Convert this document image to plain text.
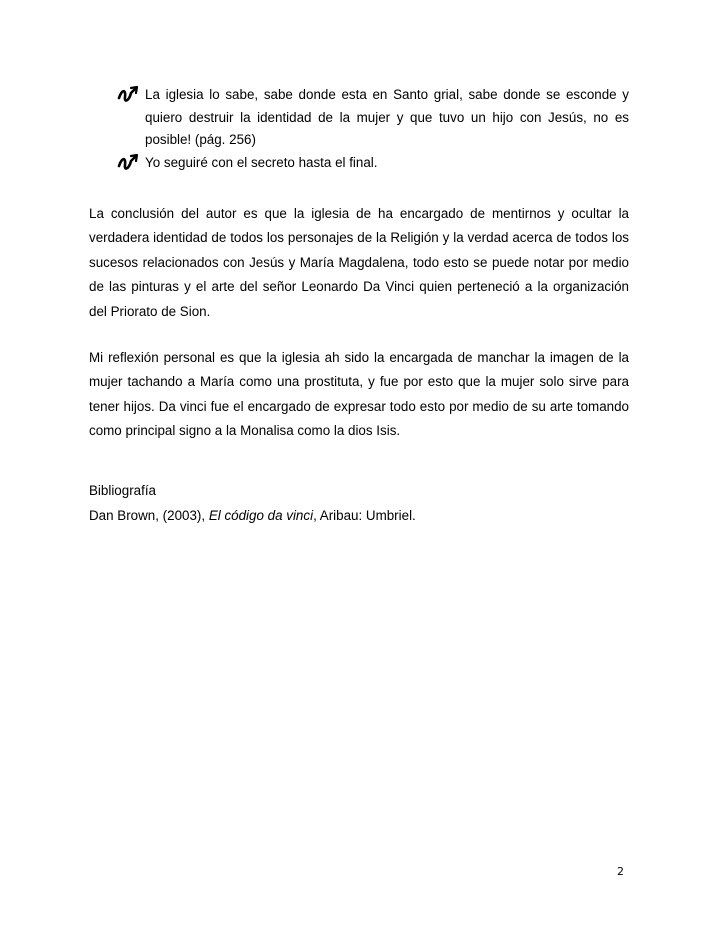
La iglesia lo sabe, sabe donde esta en Santo grial, sabe donde se esconde y quiero destruir la identidad de la mujer y que tuvo un hijo con Jesús, no es posible! (pág. 256)
Yo seguiré con el secreto hasta el final.

La conclusión del autor es que la iglesia de ha encargado de mentirnos y ocultar la verdadera identidad de todos los personajes de la Religión y la verdad acerca de todos los sucesos relacionados con Jesús y María Magdalena, todo esto se puede notar por medio de las pinturas y el arte del señor Leonardo Da Vinci quien perteneció a la organización del Priorato de Sion.

Mi reflexión personal es que la iglesia ah sido la encargada de manchar la imagen de la mujer tachando a María como una prostituta, y fue por esto que la mujer solo sirve para tener hijos. Da vinci fue el encargado de expresar todo esto por medio de su arte tomando como principal signo a la Monalisa como la dios Isis.

Bibliografía
Dan Brown, (2003), El código da vinci, Aribau: Umbriel.
2
